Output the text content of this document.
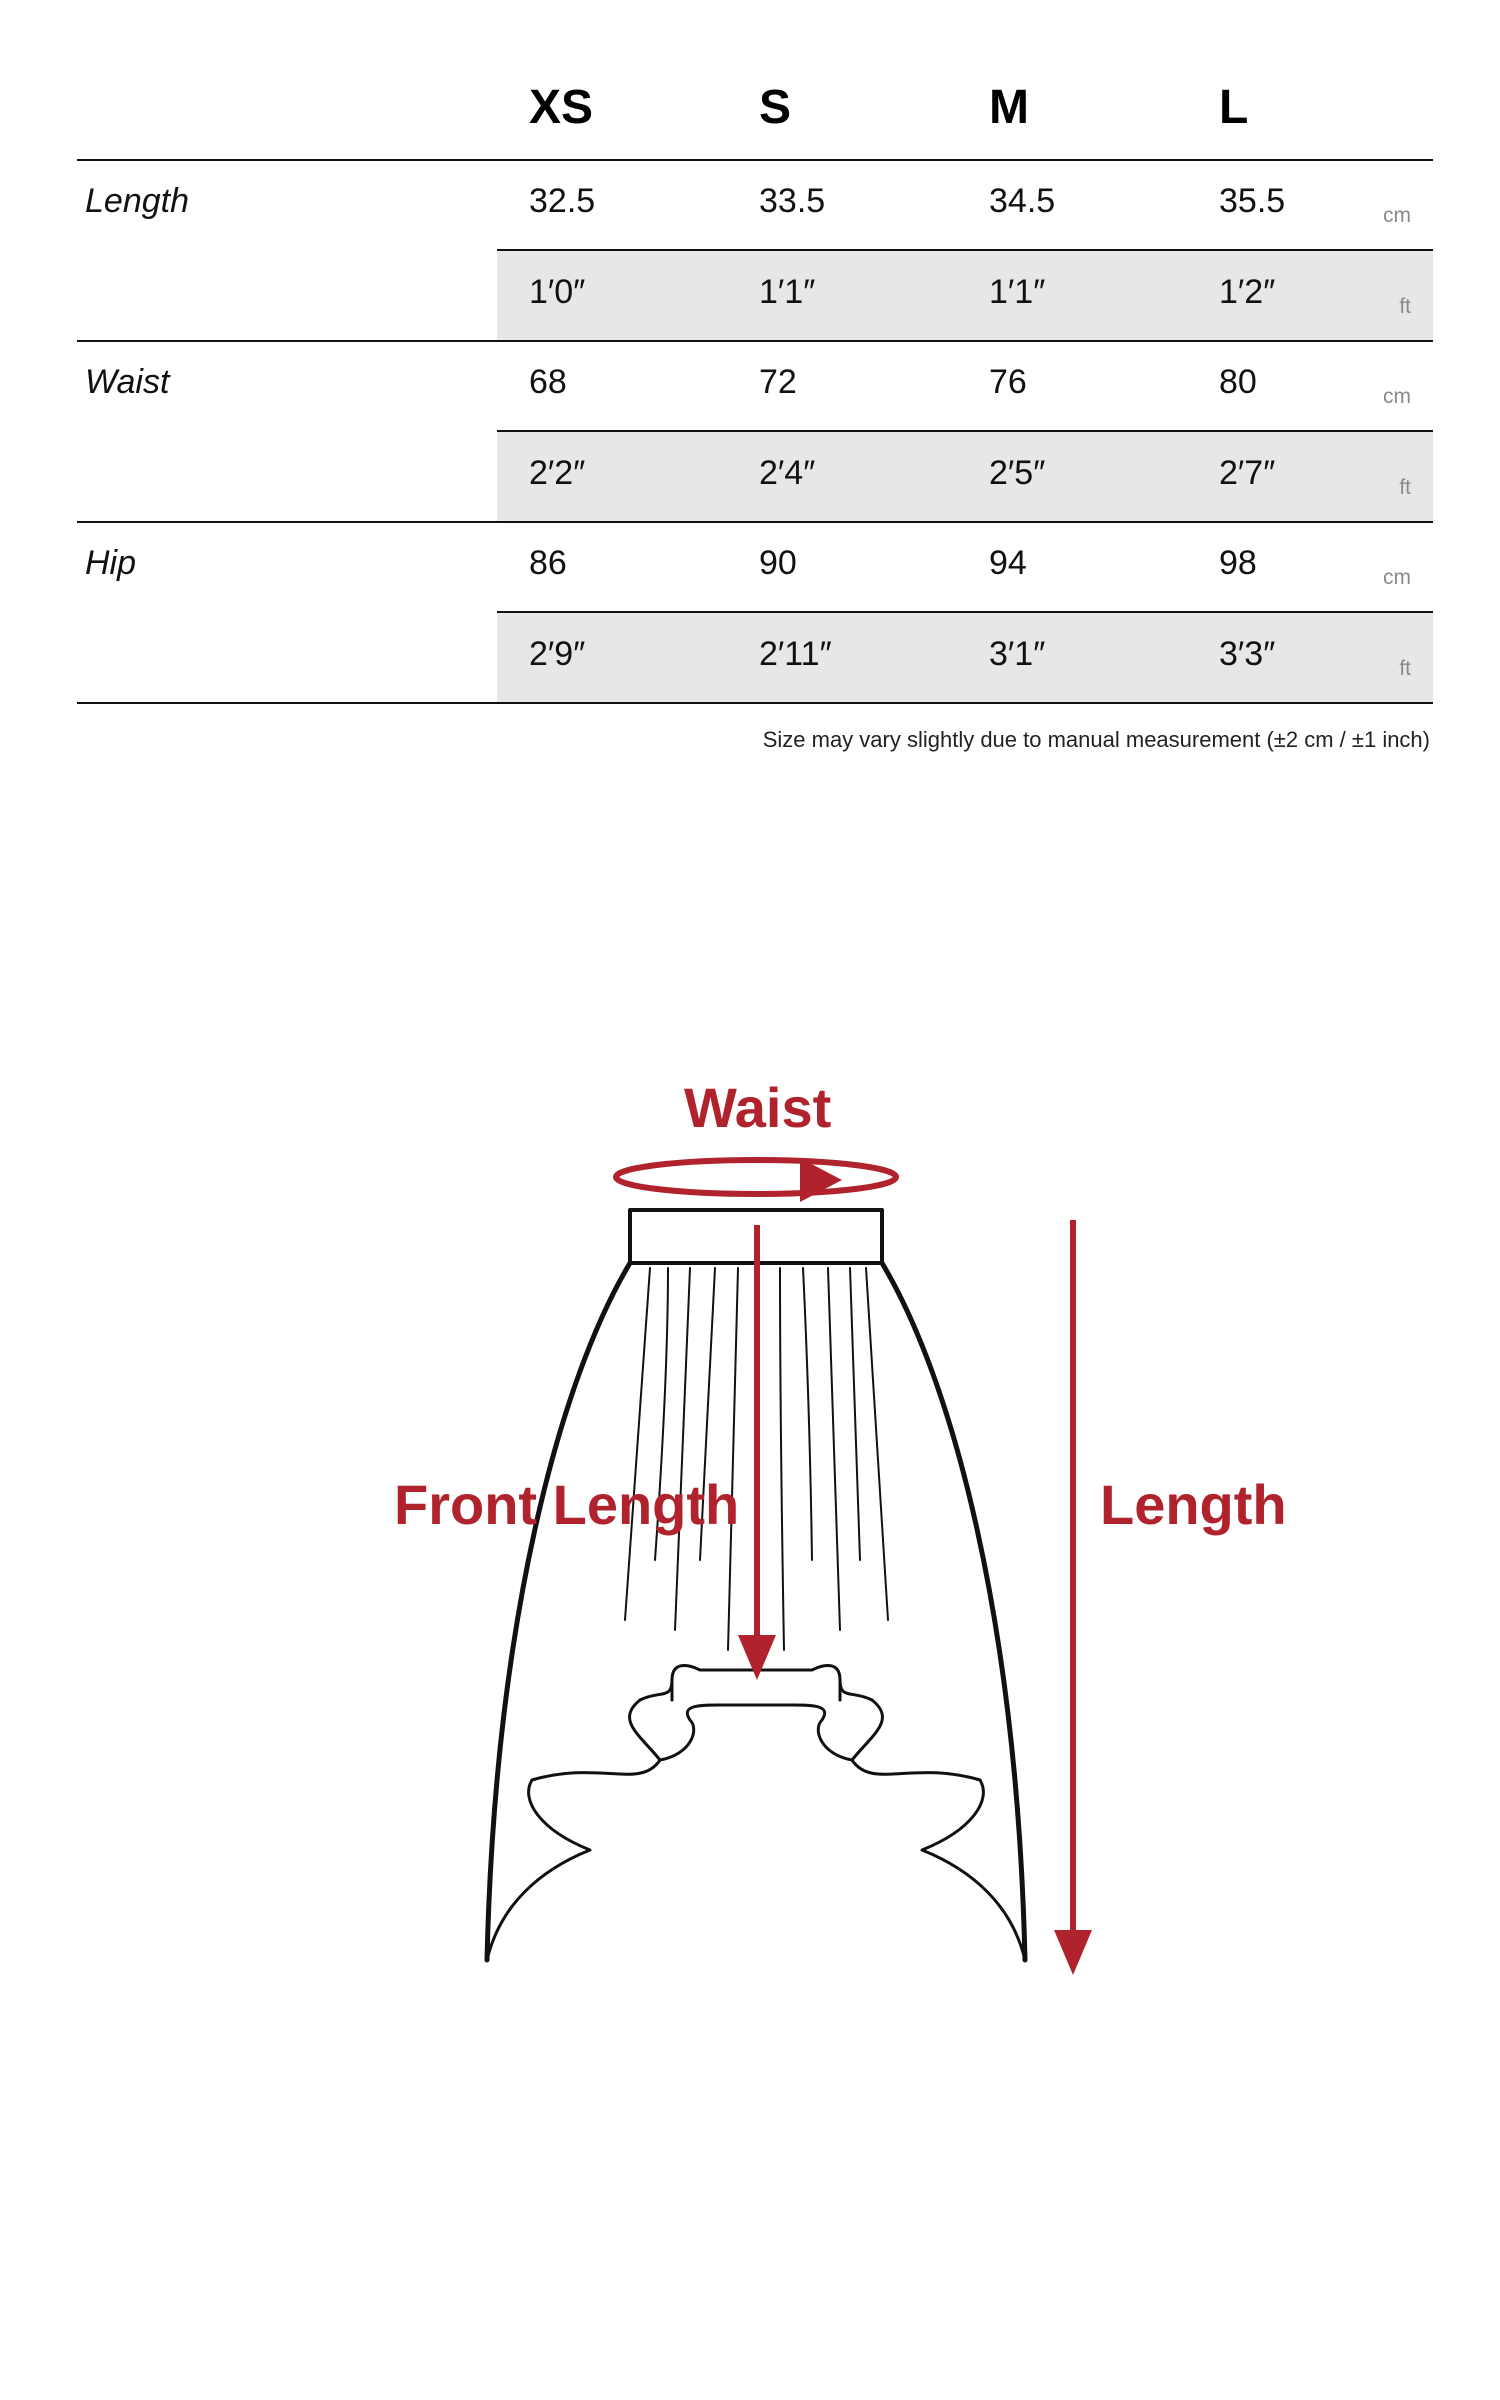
XS	S	M	L
Length	32.5	33.5	34.5	35.5	cm
1′0″	1′1″	1′1″	1′2″	ft
Waist	68	72	76	80	cm
2′2″	2′4″	2′5″	2′7″	ft
Hip	86	90	94	98	cm
2′9″	2′11″	3′1″	3′3″	ft
Size may vary slightly due to manual measurement (±2 cm / ±1 inch)
Waist
Front Length	Length
